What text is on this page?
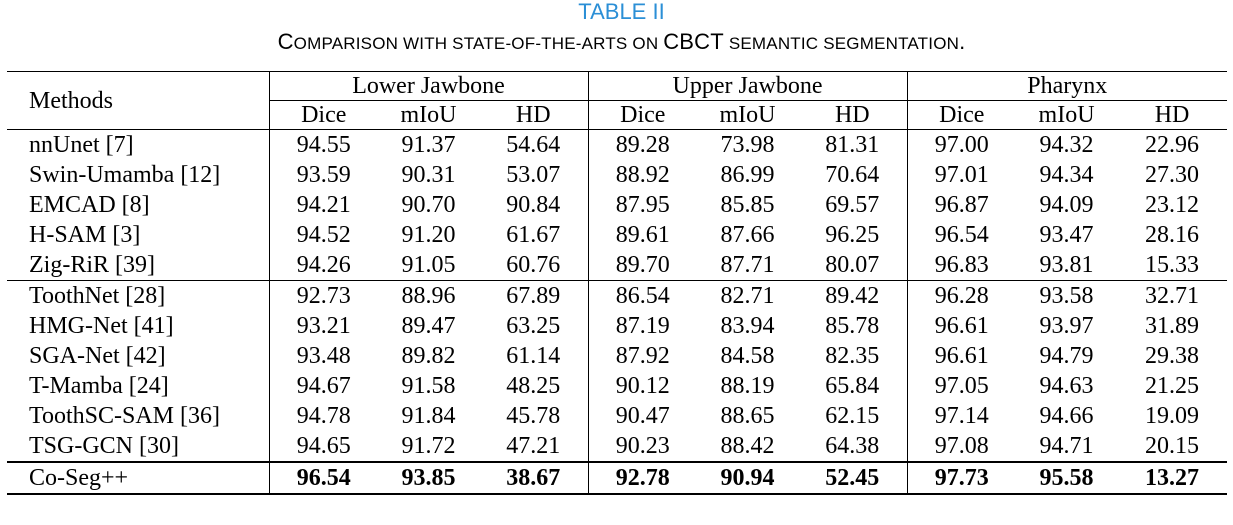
TABLE II
COMPARISON WITH STATE-OF-THE-ARTS ON CBCT SEMANTIC SEGMENTATION.
Methods	Lower Jawbone			Upper Jawbone			Pharynx		
	Dice	mIoU	HD	Dice	mIoU	HD	Dice	mIoU	HD
nnUnet [7]	94.55	91.37	54.64	89.28	73.98	81.31	97.00	94.32	22.96
Swin-Umamba [12]	93.59	90.31	53.07	88.92	86.99	70.64	97.01	94.34	27.30
EMCAD [8]	94.21	90.70	90.84	87.95	85.85	69.57	96.87	94.09	23.12
H-SAM [3]	94.52	91.20	61.67	89.61	87.66	96.25	96.54	93.47	28.16
Zig-RiR [39]	94.26	91.05	60.76	89.70	87.71	80.07	96.83	93.81	15.33
ToothNet [28]	92.73	88.96	67.89	86.54	82.71	89.42	96.28	93.58	32.71
HMG-Net [41]	93.21	89.47	63.25	87.19	83.94	85.78	96.61	93.97	31.89
SGA-Net [42]	93.48	89.82	61.14	87.92	84.58	82.35	96.61	94.79	29.38
T-Mamba [24]	94.67	91.58	48.25	90.12	88.19	65.84	97.05	94.63	21.25
ToothSC-SAM [36]	94.78	91.84	45.78	90.47	88.65	62.15	97.14	94.66	19.09
TSG-GCN [30]	94.65	91.72	47.21	90.23	88.42	64.38	97.08	94.71	20.15
Co-Seg++	96.54	93.85	38.67	92.78	90.94	52.45	97.73	95.58	13.27
